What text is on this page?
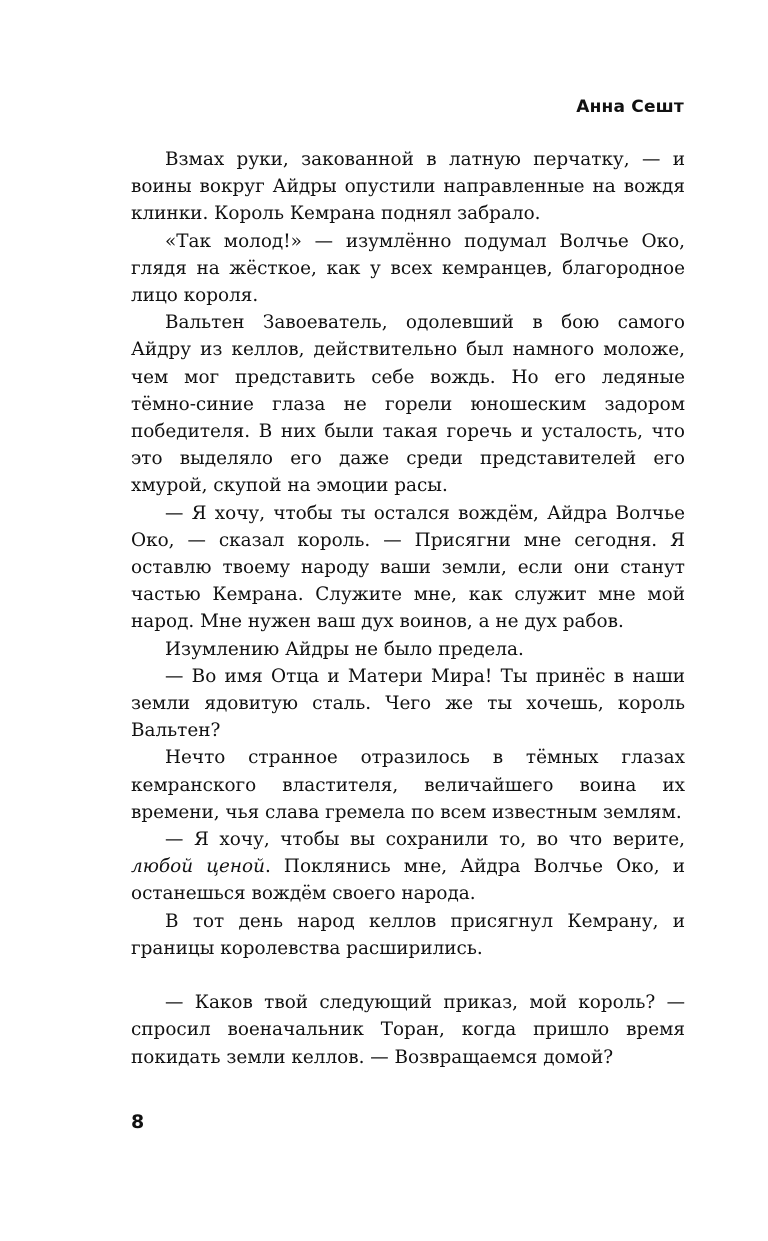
Анна Сешт

Взмах руки, закованной в латную перчатку, — и воины вокруг Айдры опустили направленные на вождя клинки. Король Кемрана поднял забрало.

«Так молод!» — изумлённо подумал Волчье Око, глядя на жёсткое, как у всех кемранцев, благородное лицо короля.

Вальтен Завоеватель, одолевший в бою самого Айдру из келлов, действительно был намного моложе, чем мог представить себе вождь. Но его ледяные тёмно-синие глаза не горели юношеским задором победителя. В них были такая горечь и усталость, что это выделяло его даже среди представителей его хмурой, скупой на эмоции расы.

— Я хочу, чтобы ты остался вождём, Айдра Волчье Око, — сказал король. — Присягни мне сегодня. Я оставлю твоему народу ваши земли, если они станут частью Кемрана. Служите мне, как служит мне мой народ. Мне нужен ваш дух воинов, а не дух рабов.

Изумлению Айдры не было предела.

— Во имя Отца и Матери Мира! Ты принёс в наши земли ядовитую сталь. Чего же ты хочешь, король Вальтен?

Нечто странное отразилось в тёмных глазах кемранского властителя, величайшего воина их времени, чья слава гремела по всем известным землям.

— Я хочу, чтобы вы сохранили то, во что верите, любой ценой. Поклянись мне, Айдра Волчье Око, и останешься вождём своего народа.

В тот день народ келлов присягнул Кемрану, и границы королевства расширились.

— Каков твой следующий приказ, мой король? — спросил военачальник Торан, когда пришло время покидать земли келлов. — Возвращаемся домой?

8
